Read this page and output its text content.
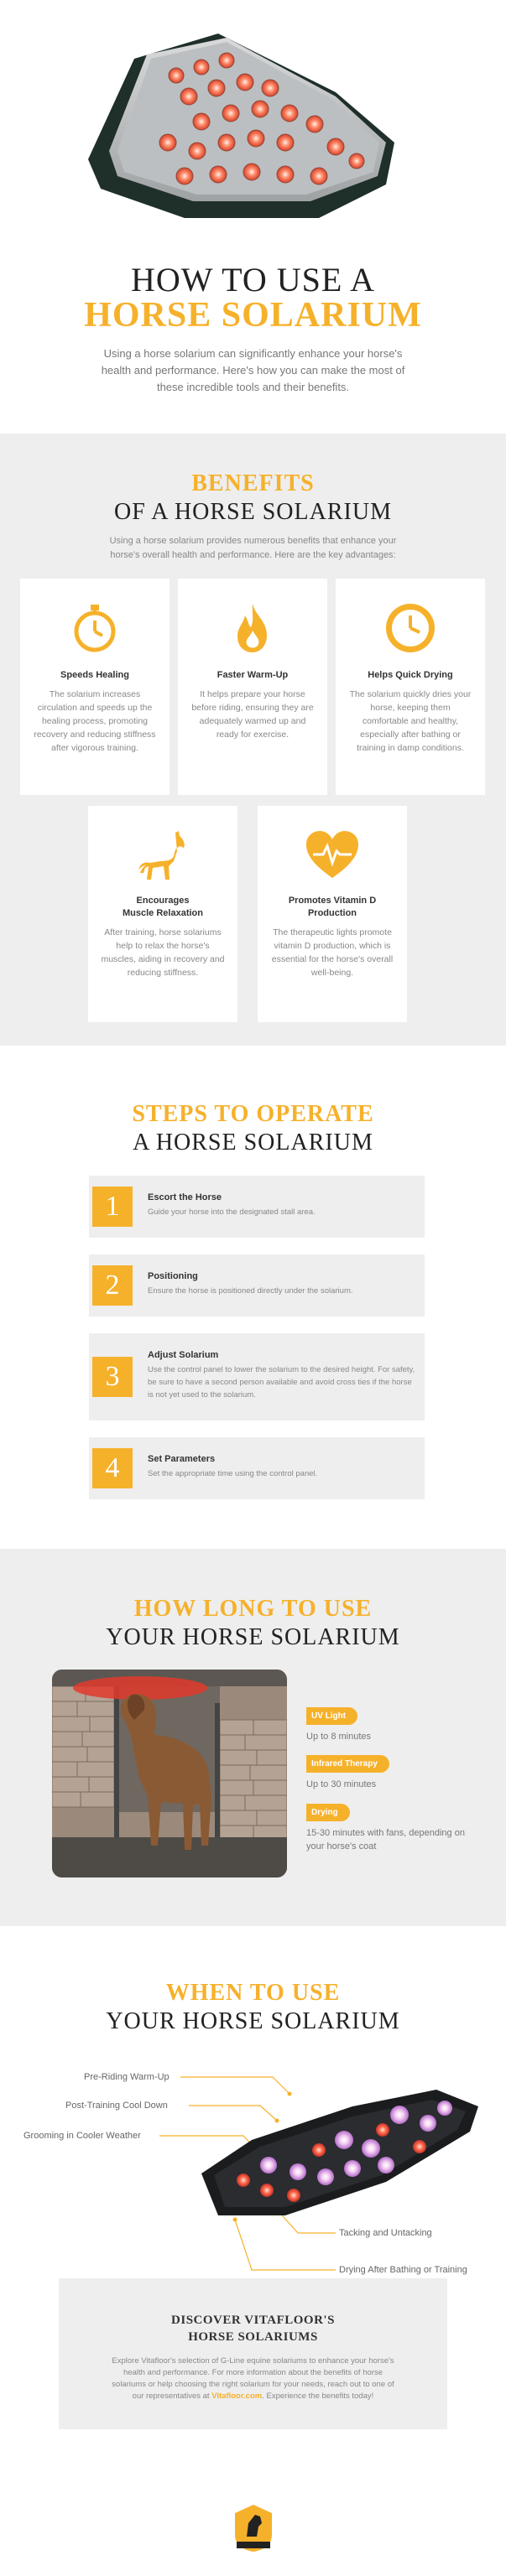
HOW TO USE A
HORSE SOLARIUM
Using a horse solarium can significantly enhance your horse's health and performance. Here's how you can make the most of these incredible tools and their benefits.
BENEFITS
OF A HORSE SOLARIUM
Using a horse solarium provides numerous benefits that enhance your horse's overall health and performance. Here are the key advantages:
Speeds Healing
The solarium increases circulation and speeds up the healing process, promoting recovery and reducing stiffness after vigorous training.
Faster Warm-Up
It helps prepare your horse before riding, ensuring they are adequately warmed up and ready for exercise.
Helps Quick Drying
The solarium quickly dries your horse, keeping them comfortable and healthy, especially after bathing or training in damp conditions.
Encourages Muscle Relaxation
After training, horse solariums help to relax the horse's muscles, aiding in recovery and reducing stiffness.
Promotes Vitamin D Production
The therapeutic lights promote vitamin D production, which is essential for the horse's overall well-being.
STEPS TO OPERATE
A HORSE SOLARIUM
1	Escort the Horse
Guide your horse into the designated stall area.
2	Positioning
Ensure the horse is positioned directly under the solarium.
3
Adjust Solarium
Use the control panel to lower the solarium to the desired height. For safety, be sure to have a second person available and avoid cross ties if the horse is not yet used to the solarium.
4	Set Parameters
Set the appropriate time using the control panel.
HOW LONG TO USE
YOUR HORSE SOLARIUM
UV Light
Up to 8 minutes
Infrared Therapy
Up to 30 minutes
Drying
15-30 minutes with fans, depending on your horse's coat
WHEN TO USE
YOUR HORSE SOLARIUM
Pre-Riding Warm-Up
Post-Training Cool Down
Grooming in Cooler Weather
Tacking and Untacking
Drying After Bathing or Training
DISCOVER VITAFLOOR'S
HORSE SOLARIUMS
Explore Vitafloor's selection of G-Line equine solariums to enhance your horse's health and performance. For more information about the benefits of horse solariums or help choosing the right solarium for your needs, reach out to one of our representatives at Vitafloor.com. Experience the benefits today!
